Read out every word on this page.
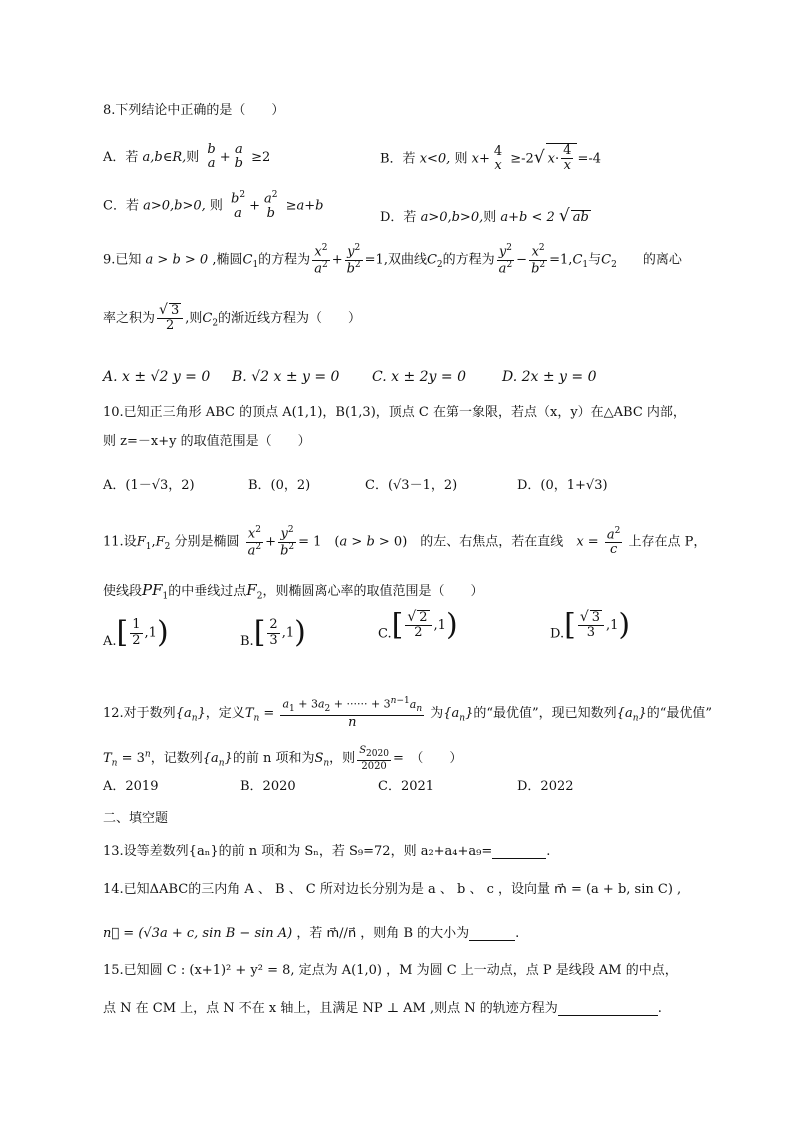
8.下列结论中正确的是（　　）
A．若 a,b∈R,则
b
a +
a
b ≥2	B．若 x<0, 则 x+
4
x ≥-2√ $x\cdot \frac{4}{x} =-4$
C．若 a>0,b>0, 则 $b^2$
$a + a^2$
b ≥a+b
D．若 a>0,b>0,则 a+b < 2 √ ab
9.已知 a > b > 0 ,椭圆$C_1$的方程为 $\frac{x^2}{a^2} + \frac{y^2}{b^2} =1$,双曲线$C_2$的方程为 $\frac{y^2}{a^2} - \frac{x^2}{b^2} =1,C_1$与$C_2$　　 的离心
率之积为 $\frac{√ 3}{2}$ ,则$C_2$的渐近线方程为（　　）
A. x ± √2 y = 0 B. √2 x ± y = 0 C. x ± 2y = 0	D. 2x ± y = 0
10.已知正三角形 ABC 的顶点 A(1,1)，B(1,3)，顶点 C 在第一象限，若点（x，y）在△ABC 内部，
则 z=－x+y 的取值范围是（　　）
A．(1－√3，2)	B．(0，2)	C．(√3－1，2)	D．(0，1+√3)
11.设$F_1,F_2$ 分别是椭圆 $\frac{x^2}{a^2} + \frac{y^2}{b^2} = 1$　(a > b > 0)　的左、右焦点，若在直线　 $x = \frac{a^2}{c}$ 上存在点 P，
使线段$PF_1$的中垂线过点$F_2$，则椭圆离心率的取值范围是（　　）
$A.[ \frac{1}{2} ,1)$	$B.[ \frac{2}{3} ,1)$	$C.[ \frac{√ 2}{2} ,1)$	$D.[ \frac{√ 3}{3} ,1)$
12.对于数列$\{a_n\}$，定义$T_n = \frac{a_1 + 3a_2 + \cdot\cdot\cdot\cdot\cdot\cdot + 3^{n-1}a_n}{n}$ 为$\{a_n\}$的“最优值”，现已知数列$\{a_n\}$的“最优值”
$T_n = 3^n$，记数列$\{a_n\}$的前 n 项和为$S_n$，则 $\frac{S_{2020}}{2020}$ =　（　　）
A．2019	B．2020	C．2021	D．2022
二、填空题
13.设等差数列{aₙ}的前 n 项和为 Sₙ，若 S₉=72，则 a₂+a₄+a₉=	.
14.已知ΔABC的三内角 A 、 B 、 C 所对边长分别为是 a 、 b 、 c ，设向量 m⃗ = (a + b, sin C) ,
n⃗ = (√3a + c, sin B − sin A) ，若 m⃗//n⃗ ，则角 B 的大小为	.
15.已知圆 C : (x+1)² + y² = 8, 定点为 A(1,0) ，M 为圆 C 上一动点，点 P 是线段 AM 的中点，
点 N 在 CM 上，点 N 不在 x 轴上，且满足 NP ⊥ AM ,则点 N 的轨迹方程为	.
